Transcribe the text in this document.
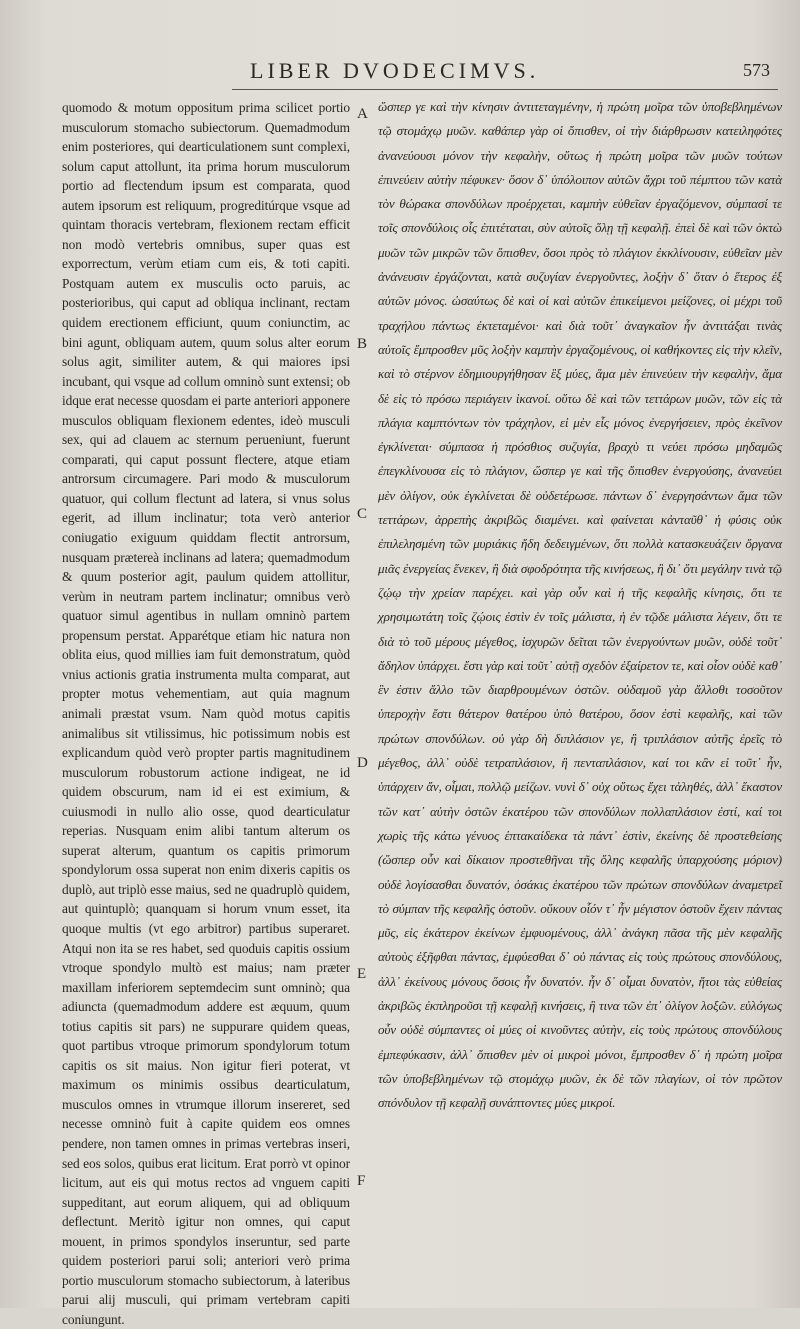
LIBER DVODECIMVS.	573

quomodo & motum oppositum prima scilicet portio musculorum stomacho subiectorum. Quemadmodum enim posteriores, qui dearticulationem sunt complexi, solum caput attollunt, ita prima horum musculorum portio ad flectendum ipsum est comparata, quod autem ipsorum est reliquum, progreditúrque vsque ad quintam thoracis vertebram, flexionem rectam efficit non modò vertebris omnibus, super quas est exporrectum, verùm etiam cum eis, & toti capiti. Postquam autem ex musculis octo paruis, ac posterioribus, qui caput ad obliqua inclinant, rectam quidem erectionem efficiunt, quum coniunctim, ac bini agunt, obliquam autem, quum solus alter eorum solus agit, similiter autem, & qui maiores ipsi incubant, qui vsque ad collum omninò sunt extensi; ob idque erat necesse quosdam ei parte anteriori apponere musculos obliquam flexionem edentes, ideò musculi sex, qui ad clauem ac sternum perueniunt, fuerunt comparati, qui caput possunt flectere, atque etiam antrorsum circumagere. Pari modo & musculorum quatuor, qui collum flectunt ad latera, si vnus solus egerit, ad illum inclinatur; tota verò anterior coniugatio exiguum quiddam flectit antrorsum, nusquam prætereà inclinans ad latera; quemadmodum & quum posterior agit, paulum quidem attollitur, verùm in neutram partem inclinatur; omnibus verò quatuor simul agentibus in nullam omninò partem propensum perstat. Apparétque etiam hic natura non oblita eius, quod millies iam fuit demonstratum, quòd vnius actionis gratia instrumenta multa comparat, aut propter motus vehementiam, aut quia magnum animali præstat vsum. Nam quòd motus capitis animalibus sit vtilissimus, hic potissimum nobis est explicandum quòd verò propter partis magnitudinem musculorum robustorum actione indigeat, ne id quidem obscurum, nam id ei est eximium, & cuiusmodi in nullo alio osse, quod dearticulatur reperias. Nusquam enim alibi tantum alterum os superat alterum, quantum os capitis primorum spondylorum ossa superat non enim dixeris capitis os duplò, aut triplò esse maius, sed ne quadruplò quidem, aut quintuplò; quanquam si horum vnum esset, ita quoque multis (vt ego arbitror) partibus superaret. Atqui non ita se res habet, sed quoduis capitis ossium vtroque spondylo multò est maius; nam præter maxillam inferiorem septemdecim sunt omninò; qua adiuncta (quemadmodum addere est æquum, quum totius capitis sit pars) ne suppurare quidem queas, quot partibus vtroque primorum spondylorum totum capitis os sit maius. Non igitur fieri poterat, vt maximum os minimis ossibus dearticulatum, musculos omnes in vtrumque illorum insereret, sed necesse omninò fuit à capite quidem eos omnes pendere, non tamen omnes in primas vertebras inseri, sed eos solos, quibus erat licitum. Erat porrò vt opinor licitum, aut eis qui motus rectos ad vnguem capiti suppeditant, aut eorum aliquem, qui ad obliquum deflectunt. Meritò igitur non omnes, qui caput mouent, in primos spondylos inseruntur, sed parte quidem posteriori parui soli; anteriori verò prima portio musculorum stomacho subiectorum, à lateribus parui alij musculi, qui primam vertebram capiti coniungunt.

A
B
C
D
E
F

ὥσπερ γε καὶ τὴν κίνησιν ἀντιτεταγμένην, ἡ πρώτη μοῖρα τῶν ὑποβεβλημένων τῷ στομάχῳ μυῶν. καθάπερ γὰρ οἱ ὄπισθεν, οἱ τὴν διάρθρωσιν κατειληφότες ἀνανεύουσι μόνον τὴν κεφαλὴν, οὕτως ἡ πρώτη μοῖρα τῶν μυῶν τούτων ἐπινεύειν αὐτὴν πέφυκεν· ὅσον δ᾽ ὑπόλοιπον αὐτῶν ἄχρι τοῦ πέμπτου τῶν κατὰ τὸν θώρακα σπονδύλων προέρχεται, καμπὴν εὐθεῖαν ἐργαζόμενον, σύμπασί τε τοῖς σπονδύλοις οἷς ἐπιτέταται, σὺν αὐτοῖς ὅλῃ τῇ κεφαλῇ. ἐπεὶ δὲ καὶ τῶν ὀκτὼ μυῶν τῶν μικρῶν τῶν ὄπισθεν, ὅσοι πρὸς τὸ πλάγιον ἐκκλίνουσιν, εὐθεῖαν μὲν ἀνάνευσιν ἐργάζονται, κατὰ συζυγίαν ἐνεργοῦντες, λοξὴν δ᾽ ὅταν ὁ ἕτερος ἐξ αὐτῶν μόνος. ὡσαύτως δὲ καὶ οἱ καὶ αὐτῶν ἐπικείμενοι μείζονες, οἱ μέχρι τοῦ τραχήλου πάντως ἐκτεταμένοι· καὶ διὰ τοῦτ᾽ ἀναγκαῖον ἦν ἀντιτάξαι τινὰς αὐτοῖς ἔμπροσθεν μῦς λοξὴν καμπὴν ἐργαζομένους, οἱ καθήκοντες εἰς τὴν κλεῖν, καὶ τὸ στέρνον ἐδημιουργήθησαν ἓξ μύες, ἅμα μὲν ἐπινεύειν τὴν κεφαλὴν, ἅμα δὲ εἰς τὸ πρόσω περιάγειν ἱκανοί. οὕτω δὲ καὶ τῶν τεττάρων μυῶν, τῶν εἰς τὰ πλάγια καμπτόντων τὸν τράχηλον, εἰ μὲν εἷς μόνος ἐνεργήσειεν, πρὸς ἐκεῖνον ἐγκλίνεται· σύμπασα ἡ πρόσθιος συζυγία, βραχὺ τι νεύει πρόσω μηδαμῶς ἐπεγκλίνουσα εἰς τὸ πλάγιον, ὥσπερ γε καὶ τῆς ὄπισθεν ἐνεργούσης, ἀνανεύει μὲν ὀλίγον, οὐκ ἐγκλίνεται δὲ οὐδετέρωσε. πάντων δ᾽ ἐνεργησάντων ἅμα τῶν τεττάρων, ἀρρεπὴς ἀκριβῶς διαμένει. καὶ φαίνεται κἀνταῦθ᾽ ἡ φύσις οὐκ ἐπιλελησμένη τῶν μυριάκις ἤδη δεδειγμένων, ὅτι πολλὰ κατασκευάζειν ὄργανα μιᾶς ἐνεργείας ἕνεκεν, ἢ διὰ σφοδρότητα τῆς κινήσεως, ἢ δι᾽ ὅτι μεγάλην τινὰ τῷ ζῴῳ τὴν χρείαν παρέχει. καὶ γὰρ οὖν καὶ ἡ τῆς κεφαλῆς κίνησις, ὅτι τε χρησιμωτάτη τοῖς ζῴοις ἐστὶν ἐν τοῖς μάλιστα, ἡ ἐν τῷδε μάλιστα λέγειν, ὅτι τε διὰ τὸ τοῦ μέρους μέγεθος, ἰσχυρῶν δεῖται τῶν ἐνεργούντων μυῶν, οὐδὲ τοῦτ᾽ ἄδηλον ὑπάρχει. ἔστι γὰρ καὶ τοῦτ᾽ αὐτῇ σχεδὸν ἐξαίρετον τε, καὶ οἷον οὐδὲ καθ᾽ ἓν ἐστιν ἄλλο τῶν διαρθρουμένων ὀστῶν. οὐδαμοῦ γὰρ ἄλλοθι τοσοῦτον ὑπεροχὴν ἔστι θάτερον θατέρου ὑπὸ θατέρου, ὅσον ἐστὶ κεφαλῆς, καὶ τῶν πρώτων σπονδύλων. οὐ γὰρ δὴ διπλάσιον γε, ἢ τριπλάσιον αὐτῆς ἐρεῖς τὸ μέγεθος, ἀλλ᾽ οὐδὲ τετραπλάσιον, ἢ πενταπλάσιον, καί τοι κἂν εἰ τοῦτ᾽ ἦν, ὑπάρχειν ἄν, οἶμαι, πολλῷ μείζων. νυνὶ δ᾽ οὐχ οὕτως ἔχει τἀληθές, ἀλλ᾽ ἕκαστον τῶν κατ᾽ αὐτὴν ὀστῶν ἑκατέρου τῶν σπονδύλων πολλαπλάσιον ἐστί, καί τοι χωρὶς τῆς κάτω γένυος ἑπτακαίδεκα τὰ πάντ᾽ ἐστὶν, ἐκείνης δὲ προστεθείσης (ὥσπερ οὖν καὶ δίκαιον προστεθῆναι τῆς ὅλης κεφαλῆς ὑπαρχούσης μόριον) οὐδὲ λογίσασθαι δυνατόν, ὁσάκις ἑκατέρου τῶν πρώτων σπονδύλων ἀναμετρεῖ τὸ σύμπαν τῆς κεφαλῆς ὀστοῦν. οὔκουν οἷόν τ᾽ ἦν μέγιστον ὀστοῦν ἔχειν πάντας μῦς, εἰς ἑκάτερον ἐκείνων ἐμφυομένους, ἀλλ᾽ ἀνάγκη πᾶσα τῆς μὲν κεφαλῆς αὐτοὺς ἐξῆφθαι πάντας, ἐμφύεσθαι δ᾽ οὐ πάντας εἰς τοὺς πρώτους σπονδύλους, ἀλλ᾽ ἐκείνους μόνους ὅσοις ἦν δυνατόν. ἦν δ᾽ οἶμαι δυνατὸν, ἤτοι τὰς εὐθείας ἀκριβῶς ἐκπληροῦσι τῇ κεφαλῇ κινήσεις, ἢ τινα τῶν ἐπ᾽ ὀλίγον λοξῶν. εὐλόγως οὖν οὐδὲ σύμπαντες οἱ μύες οἱ κινοῦντες αὐτὴν, εἰς τοὺς πρώτους σπονδύλους ἐμπεφύκασιν, ἀλλ᾽ ὄπισθεν μὲν οἱ μικροὶ μόνοι, ἔμπροσθεν δ᾽ ἡ πρώτη μοῖρα τῶν ὑποβεβλημένων τῷ στομάχῳ μυῶν, ἐκ δὲ τῶν πλαγίων, οἱ τὸν πρῶτον σπόνδυλον τῇ κεφαλῇ συνάπτοντες μύες μικροί.
